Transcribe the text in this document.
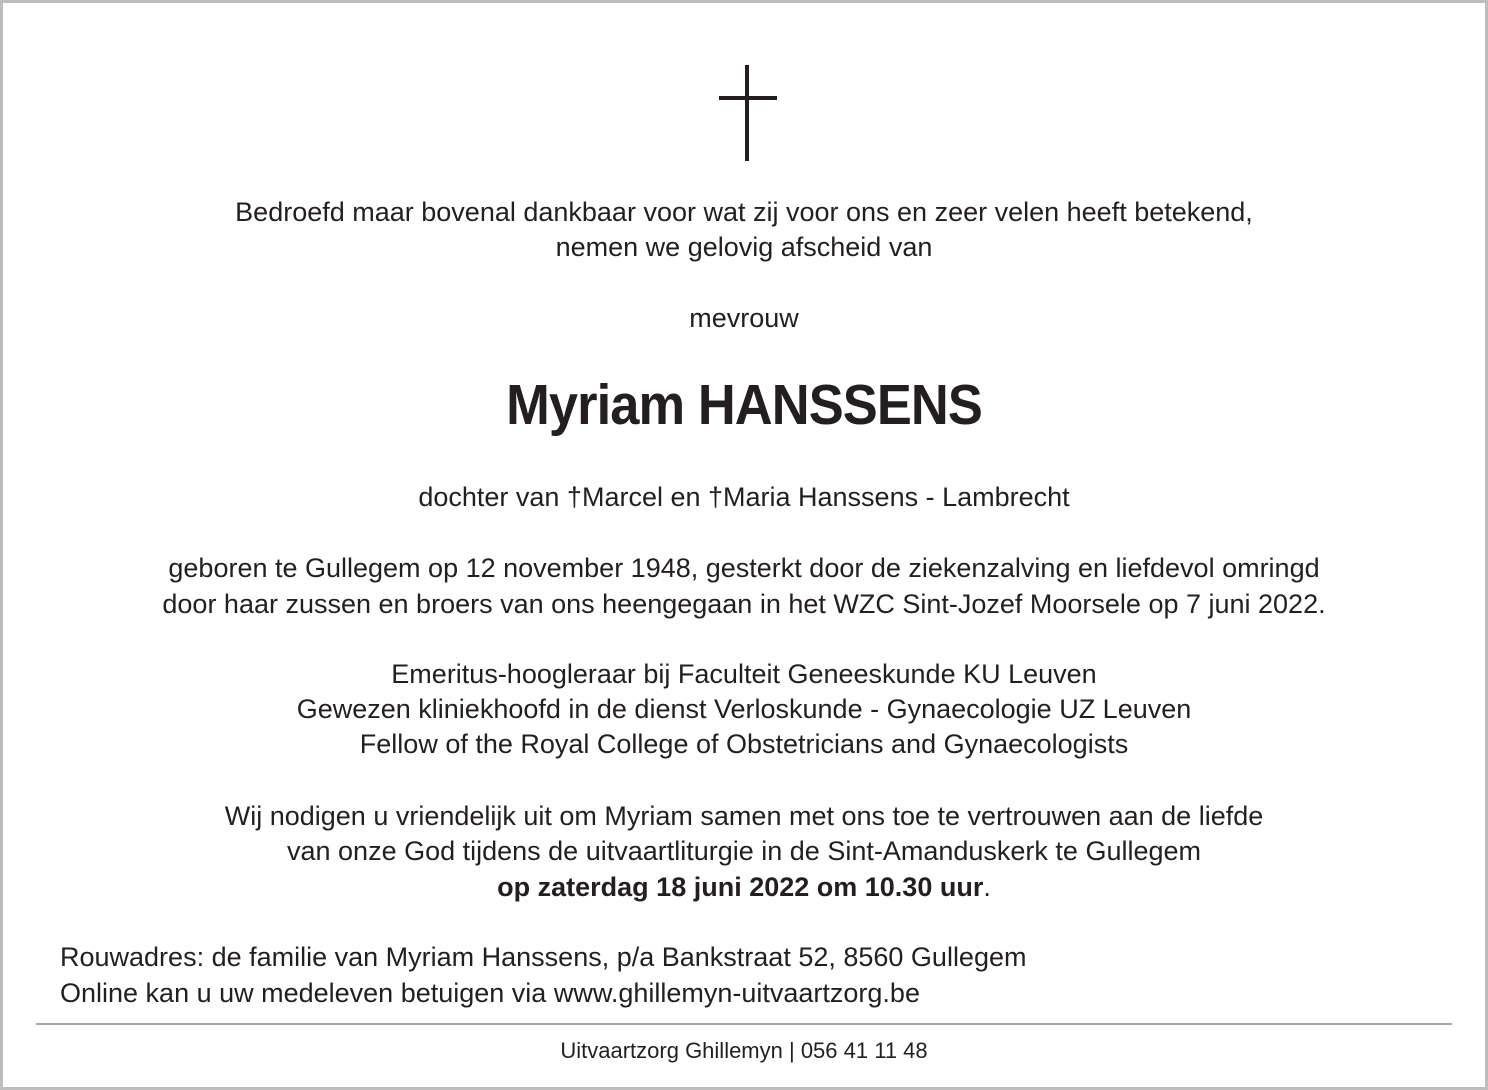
Bedroefd maar bovenal dankbaar voor wat zij voor ons en zeer velen heeft betekend,
nemen we gelovig afscheid van
mevrouw
Myriam HANSSENS
dochter van †Marcel en †Maria Hanssens - Lambrecht
geboren te Gullegem op 12 november 1948, gesterkt door de ziekenzalving en liefdevol omringd
door haar zussen en broers van ons heengegaan in het WZC Sint-Jozef Moorsele op 7 juni 2022.
Emeritus-hoogleraar bij Faculteit Geneeskunde KU Leuven
Gewezen kliniekhoofd in de dienst Verloskunde - Gynaecologie UZ Leuven
Fellow of the Royal College of Obstetricians and Gynaecologists
Wij nodigen u vriendelijk uit om Myriam samen met ons toe te vertrouwen aan de liefde
van onze God tijdens de uitvaartliturgie in de Sint-Amanduskerk te Gullegem
op zaterdag 18 juni 2022 om 10.30 uur.
Rouwadres: de familie van Myriam Hanssens, p/a Bankstraat 52, 8560 Gullegem
Online kan u uw medeleven betuigen via www.ghillemyn-uitvaartzorg.be
Uitvaartzorg Ghillemyn | 056 41 11 48
